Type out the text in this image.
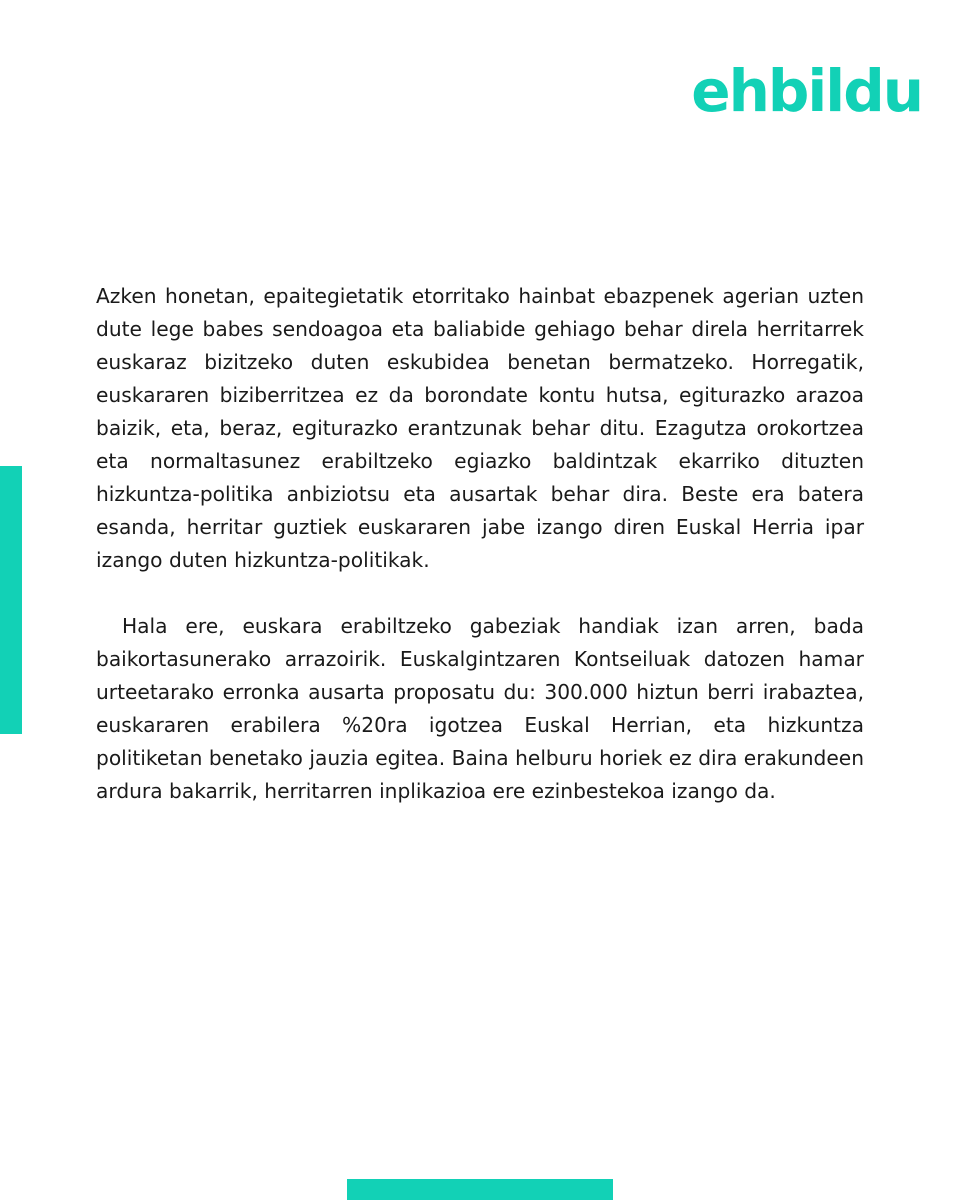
ehbildu

Azken honetan, epaitegietatik etorritako hainbat ebazpenek agerian uzten dute lege babes sendoagoa eta baliabide gehiago behar direla herritarrek euskaraz bizitzeko duten eskubidea benetan bermatzeko. Horregatik, euskararen biziberritzea ez da borondate kontu hutsa, egiturazko arazoa baizik, eta, beraz, egiturazko erantzunak behar ditu. Ezagutza orokortzea eta normaltasunez erabiltzeko egiazko baldintzak ekarriko dituzten hizkuntza-politika anbiziotsu eta ausartak behar dira. Beste era batera esanda, herritar guztiek euskararen jabe izango diren Euskal Herria ipar izango duten hizkuntza-politikak.

Hala ere, euskara erabiltzeko gabeziak handiak izan arren, bada baikortasunerako arrazoirik. Euskalgintzaren Kontseiluak datozen hamar urteetarako erronka ausarta proposatu du: 300.000 hiztun berri irabaztea, euskararen erabilera %20ra igotzea Euskal Herrian, eta hizkuntza politiketan benetako jauzia egitea. Baina helburu horiek ez dira erakundeen ardura bakarrik, herritarren inplikazioa ere ezinbestekoa izango da.
